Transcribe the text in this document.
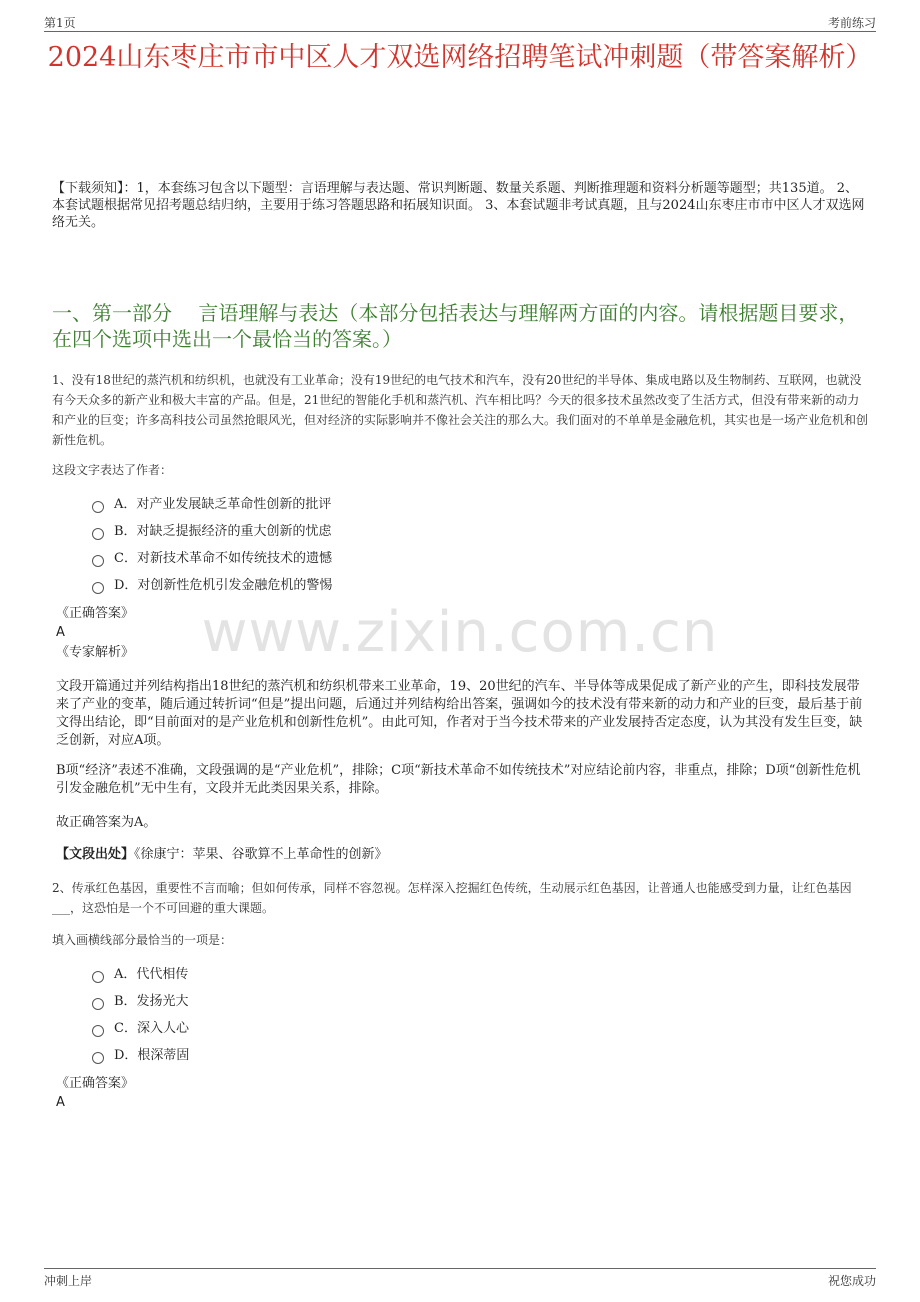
第1页	考前练习
2024山东枣庄市市中区人才双选网络招聘笔试冲刺题（带答案解析）
【下载须知】：1，本套练习包含以下题型：言语理解与表达题、常识判断题、数量关系题、判断推理题和资料分析题等题型；共135道。 2、本套试题根据常见招考题总结归纳，主要用于练习答题思路和拓展知识面。 3、本套试题非考试真题，且与2024山东枣庄市市中区人才双选网络无关。
一、第一部分　 言语理解与表达（本部分包括表达与理解两方面的内容。请根据题目要求，在四个选项中选出一个最恰当的答案。）
www.zixin.com.cn
1、没有18世纪的蒸汽机和纺织机，也就没有工业革命；没有19世纪的电气技术和汽车，没有20世纪的半导体、集成电路以及生物制药、互联网，也就没有今天众多的新产业和极大丰富的产品。但是，21世纪的智能化手机和蒸汽机、汽车相比吗？今天的很多技术虽然改变了生活方式，但没有带来新的动力和产业的巨变；许多高科技公司虽然抢眼风光，但对经济的实际影响并不像社会关注的那么大。我们面对的不单单是金融危机，其实也是一场产业危机和创新性危机。
这段文字表达了作者：
A．对产业发展缺乏革命性创新的批评
B．对缺乏提振经济的重大创新的忧虑
C．对新技术革命不如传统技术的遗憾
D．对创新性危机引发金融危机的警惕
《正确答案》
A
《专家解析》
文段开篇通过并列结构指出18世纪的蒸汽机和纺织机带来工业革命，19、20世纪的汽车、半导体等成果促成了新产业的产生，即科技发展带来了产业的变革，随后通过转折词“但是”提出问题，后通过并列结构给出答案，强调如今的技术没有带来新的动力和产业的巨变，最后基于前文得出结论，即“目前面对的是产业危机和创新性危机”。由此可知，作者对于当今技术带来的产业发展持否定态度，认为其没有发生巨变，缺乏创新，对应A项。
B项“经济”表述不准确，文段强调的是“产业危机”，排除；C项“新技术革命不如传统技术”对应结论前内容，非重点，排除；D项“创新性危机引发金融危机”无中生有，文段并无此类因果关系，排除。
故正确答案为A。
【文段出处】《徐康宁：苹果、谷歌算不上革命性的创新》
2、传承红色基因，重要性不言而喻；但如何传承，同样不容忽视。怎样深入挖掘红色传统，生动展示红色基因，让普通人也能感受到力量，让红色基因___，这恐怕是一个不可回避的重大课题。
填入画横线部分最恰当的一项是：
A．代代相传
B．发扬光大
C．深入人心
D．根深蒂固
《正确答案》
A
冲刺上岸	祝您成功
